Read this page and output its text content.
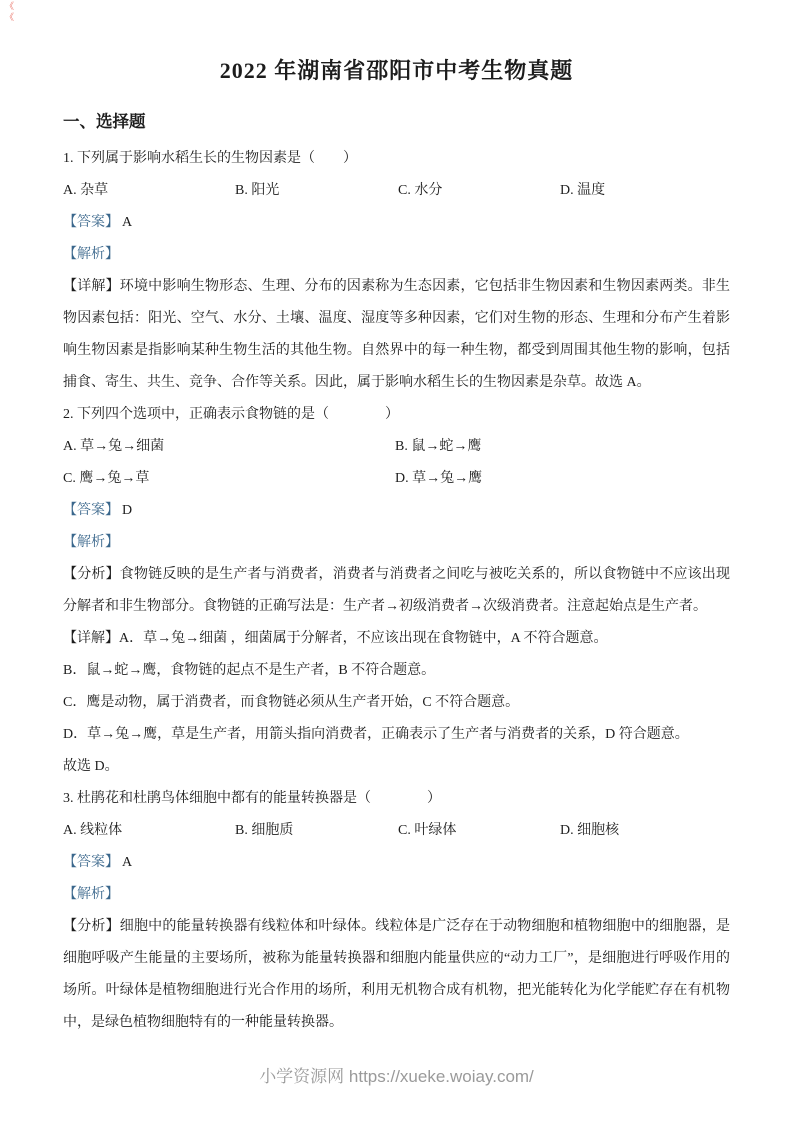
《
《
2022 年湖南省邵阳市中考生物真题
一、选择题
1. 下列属于影响水稻生长的生物因素是（　　）
A. 杂草	B. 阳光	C. 水分	D. 温度
【答案】 A
【解析】

【详解】环境中影响生物形态、生理、分布的因素称为生态因素，它包括非生物因素和生物因素两类。非生物因素包括：阳光、空气、水分、土壤、温度、湿度等多种因素，它们对生物的形态、生理和分布产生着影响生物因素是指影响某种生物生活的其他生物。自然界中的每一种生物，都受到周围其他生物的影响，包括捕食、寄生、共生、竞争、合作等关系。因此，属于影响水稻生长的生物因素是杂草。故选 A。

2. 下列四个选项中，正确表示食物链的是（　　　　）
A. 草→兔→细菌	B. 鼠→蛇→鹰
C. 鹰→兔→草	D. 草→兔→鹰
【答案】 D
【解析】

【分析】食物链反映的是生产者与消费者，消费者与消费者之间吃与被吃关系的，所以食物链中不应该出现分解者和非生物部分。食物链的正确写法是：生产者→初级消费者→次级消费者。注意起始点是生产者。

【详解】A．草→兔→细菌 ，细菌属于分解者，不应该出现在食物链中，A 不符合题意。

B．鼠→蛇→鹰，食物链的起点不是生产者，B 不符合题意。

C．鹰是动物，属于消费者，而食物链必须从生产者开始，C 不符合题意。

D．草→兔→鹰，草是生产者，用箭头指向消费者，正确表示了生产者与消费者的关系，D 符合题意。

故选 D。

3. 杜鹃花和杜鹃鸟体细胞中都有的能量转换器是（　　　　）
A. 线粒体	B. 细胞质	C. 叶绿体	D. 细胞核
【答案】 A
【解析】

【分析】细胞中的能量转换器有线粒体和叶绿体。线粒体是广泛存在于动物细胞和植物细胞中的细胞器，是细胞呼吸产生能量的主要场所，被称为能量转换器和细胞内能量供应的“动力工厂”，是细胞进行呼吸作用的场所。叶绿体是植物细胞进行光合作用的场所，利用无机物合成有机物，把光能转化为化学能贮存在有机物中，是绿色植物细胞特有的一种能量转换器。

小学资源网 https://xueke.woiay.com/
